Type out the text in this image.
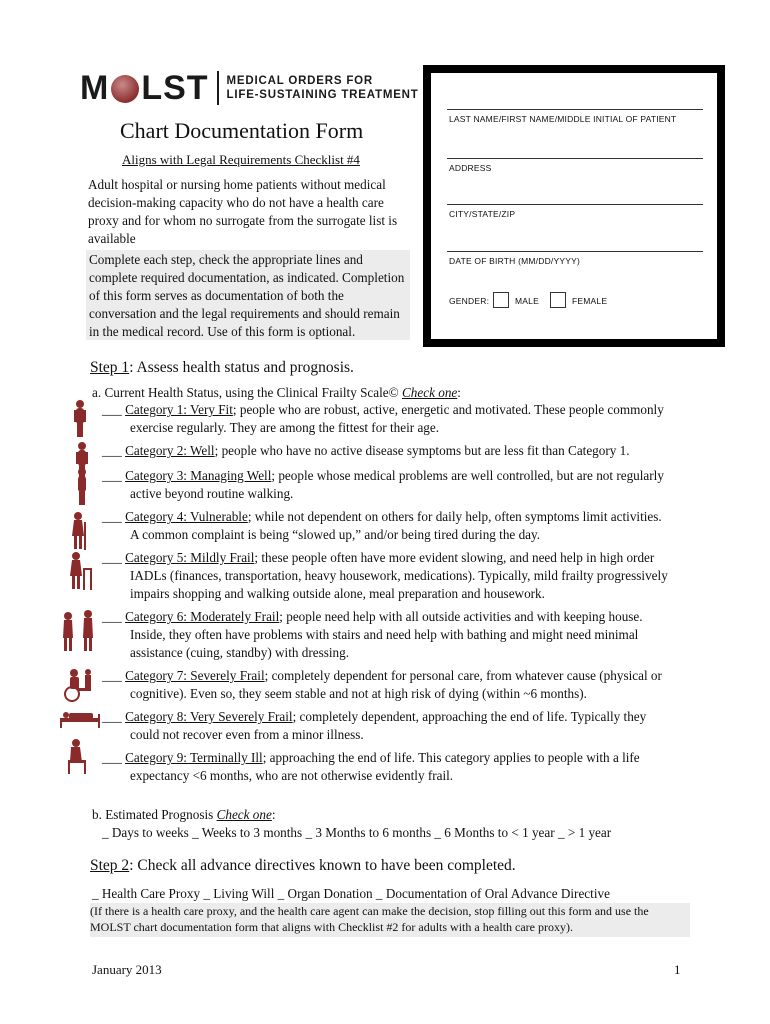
M LST MEDICAL ORDERS FOR
LIFE-SUSTAINING TREATMENT
Chart Documentation Form
Aligns with Legal Requirements Checklist #4
Adult hospital or nursing home patients without medical decision-making capacity who do not have a health care proxy and for whom no surrogate from the surrogate list is available
Complete each step, check the appropriate lines and complete required documentation, as indicated. Completion of this form serves as documentation of both the conversation and the legal requirements and should remain in the medical record. Use of this form is optional.
LAST NAME/FIRST NAME/MIDDLE INITIAL OF PATIENT
ADDRESS
CITY/STATE/ZIP
DATE OF BIRTH (MM/DD/YYYY)
GENDER:	MALE	FEMALE
Step 1: Assess health status and prognosis.
a. Current Health Status, using the Clinical Frailty Scale© Check one:
___ Category 1: Very Fit; people who are robust, active, energetic and motivated. These people commonly
exercise regularly. They are among the fittest for their age.
___ Category 2: Well; people who have no active disease symptoms but are less fit than Category 1.
___ Category 3: Managing Well; people whose medical problems are well controlled, but are not regularly
active beyond routine walking.
___ Category 4: Vulnerable; while not dependent on others for daily help, often symptoms limit activities.
A common complaint is being “slowed up,” and/or being tired during the day.
___ Category 5: Mildly Frail; these people often have more evident slowing, and need help in high order
IADLs (finances, transportation, heavy housework, medications). Typically, mild frailty progressively
impairs shopping and walking outside alone, meal preparation and housework.
___ Category 6: Moderately Frail; people need help with all outside activities and with keeping house.
Inside, they often have problems with stairs and need help with bathing and might need minimal
assistance (cuing, standby) with dressing.
___ Category 7: Severely Frail; completely dependent for personal care, from whatever cause (physical or
cognitive). Even so, they seem stable and not at high risk of dying (within ~6 months).
___ Category 8: Very Severely Frail; completely dependent, approaching the end of life. Typically they
could not recover even from a minor illness.
___ Category 9: Terminally Ill; approaching the end of life. This category applies to people with a life
expectancy <6 months, who are not otherwise evidently frail.
b. Estimated Prognosis Check one:
_ Days to weeks _ Weeks to 3 months _ 3 Months to 6 months _ 6 Months to < 1 year _ > 1 year
Step 2: Check all advance directives known to have been completed.
_ Health Care Proxy _ Living Will _ Organ Donation _ Documentation of Oral Advance Directive
(If there is a health care proxy, and the health care agent can make the decision, stop filling out this form and use the
MOLST chart documentation form that aligns with Checklist #2 for adults with a health care proxy).
January 2013	1
